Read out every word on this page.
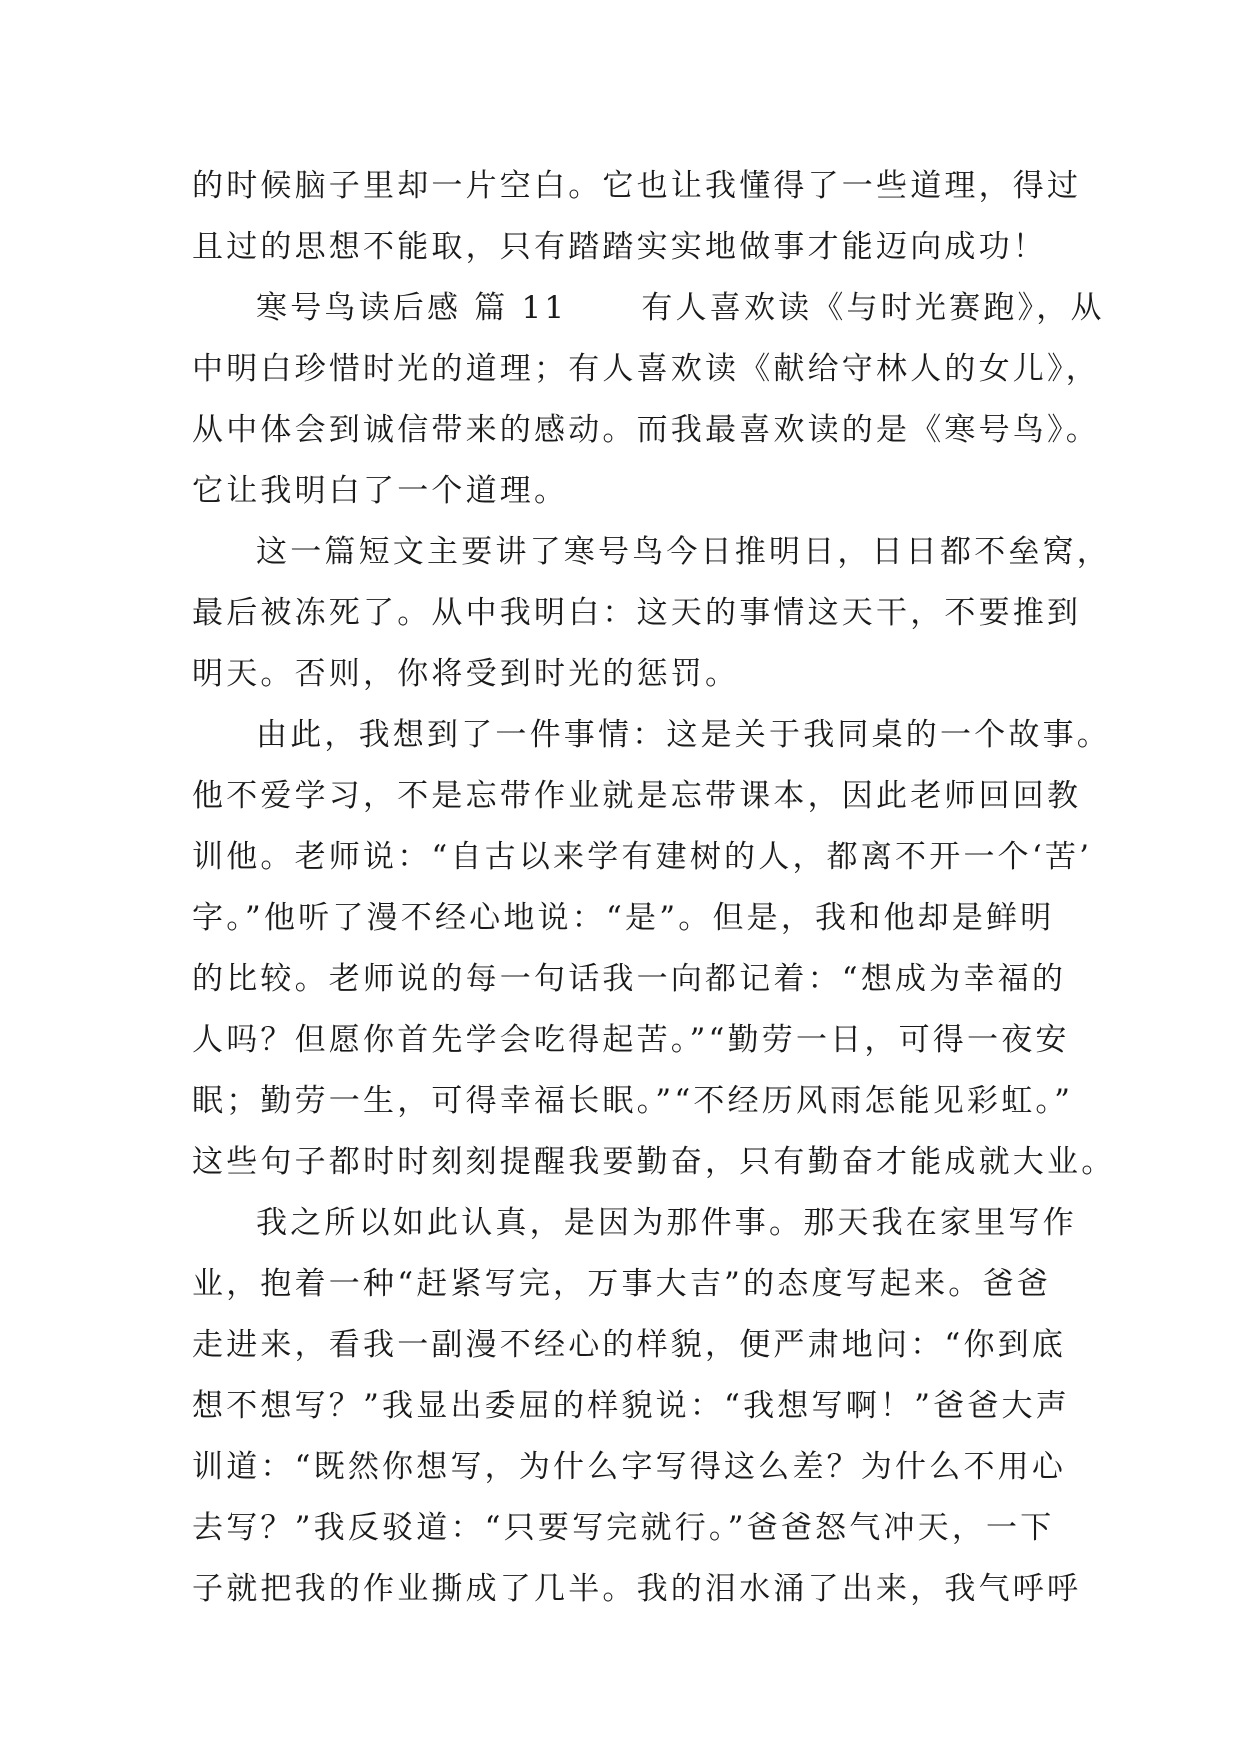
的时候脑子里却一片空白。它也让我懂得了一些道理，得过
且过的思想不能取，只有踏踏实实地做事才能迈向成功！

寒号鸟读后感 篇 11 有人喜欢读《与时光赛跑》，从
中明白珍惜时光的道理；有人喜欢读《献给守林人的女儿》，
从中体会到诚信带来的感动。而我最喜欢读的是《寒号鸟》。
它让我明白了一个道理。

这一篇短文主要讲了寒号鸟今日推明日，日日都不垒窝，
最后被冻死了。从中我明白：这天的事情这天干，不要推到
明天。否则，你将受到时光的惩罚。

由此，我想到了一件事情：这是关于我同桌的一个故事。
他不爱学习，不是忘带作业就是忘带课本，因此老师回回教
训他。老师说：“自古以来学有建树的人，都离不开一个‘苦’
字。”他听了漫不经心地说：“是”。但是，我和他却是鲜明
的比较。老师说的每一句话我一向都记着：“想成为幸福的
人吗？但愿你首先学会吃得起苦。”“勤劳一日，可得一夜安
眠；勤劳一生，可得幸福长眠。”“不经历风雨怎能见彩虹。”
这些句子都时时刻刻提醒我要勤奋，只有勤奋才能成就大业。

我之所以如此认真，是因为那件事。那天我在家里写作
业，抱着一种“赶紧写完，万事大吉”的态度写起来。爸爸
走进来，看我一副漫不经心的样貌，便严肃地问：“你到底
想不想写？”我显出委屈的样貌说：“我想写啊！”爸爸大声
训道：“既然你想写，为什么字写得这么差？为什么不用心
去写？”我反驳道：“只要写完就行。”爸爸怒气冲天，一下
子就把我的作业撕成了几半。我的泪水涌了出来，我气呼呼
